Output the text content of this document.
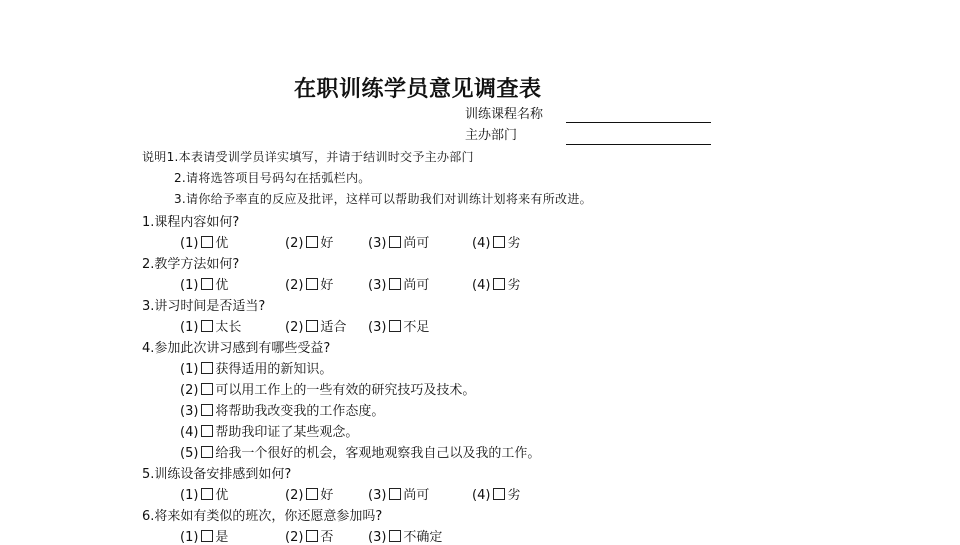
在职训练学员意见调查表
训练课程名称
主办部门
说明1.本表请受训学员详实填写，并请于结训时交予主办部门
2.请将选答项目号码勾在括弧栏内。
3.请你给予率直的反应及批评，这样可以帮助我们对训练计划将来有所改进。
1.课程内容如何?
(1) 优	(2) 好	(3) 尚可	(4) 劣
2.教学方法如何?
(1) 优	(2) 好	(3) 尚可	(4) 劣
3.讲习时间是否适当?
(1) 太长	(2) 适合 (3) 不足
4.参加此次讲习感到有哪些受益?
(1) 获得适用的新知识。
(2) 可以用工作上的一些有效的研究技巧及技术。
(3) 将帮助我改变我的工作态度。
(4) 帮助我印证了某些观念。
(5) 给我一个很好的机会，客观地观察我自己以及我的工作。
5.训练设备安排感到如何?
(1) 优	(2) 好	(3) 尚可	(4) 劣
6.将来如有类似的班次，你还愿意参加吗?
(1) 是	(2) 否	(3) 不确定
